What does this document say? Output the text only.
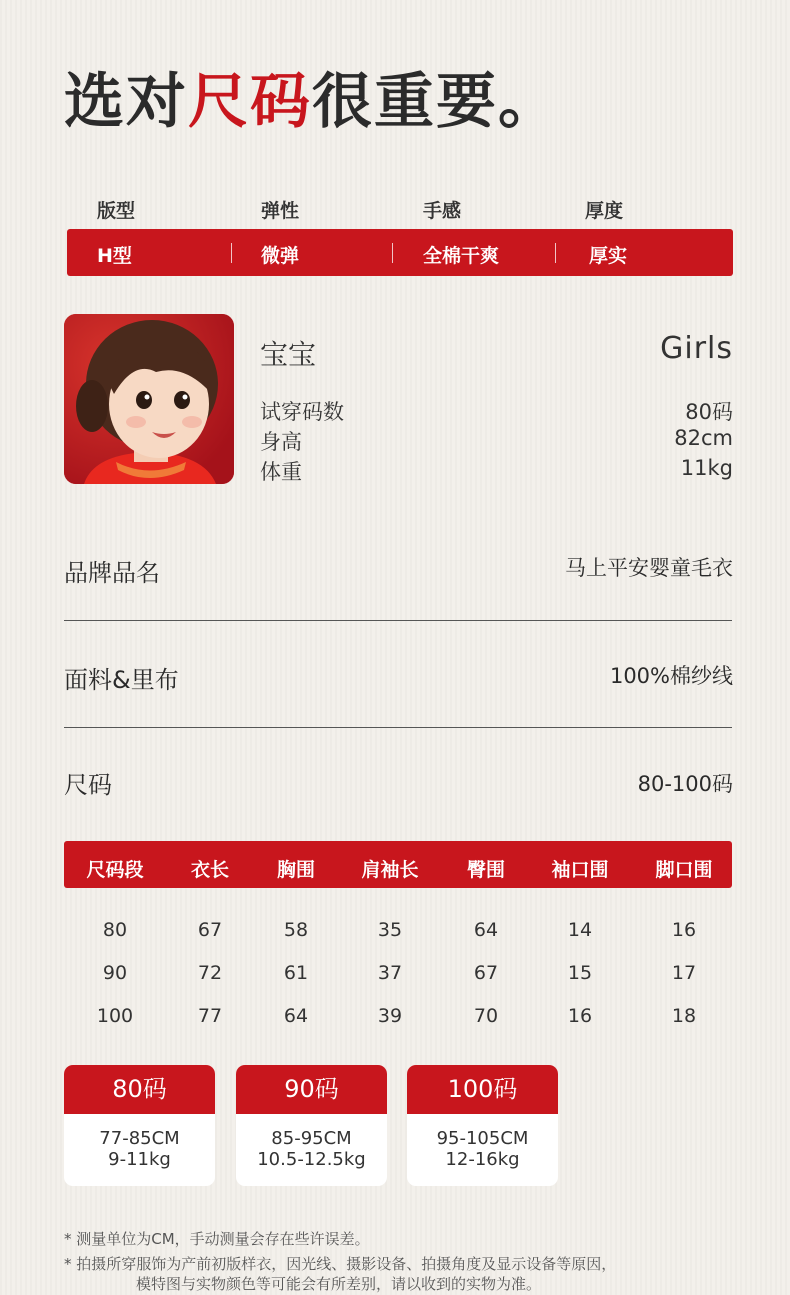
选对尺码很重要。
版型	弹性	手感	厚度
H型	微弹	全棉干爽	厚实
宝宝	Girls
试穿码数	80码
身高	82cm
体重	11kg
品牌品名	马上平安婴童毛衣
面料&里布	100%棉纱线
尺码	80-100码
尺码段	衣长	胸围	肩袖长	臀围	袖口围	脚口围
80	67	58	35	64	14	16
90	72	61	37	67	15	17
100	77	64	39	70	16	18
80码
77-85CM
9-11kg
90码
85-95CM
10.5-12.5kg
100码
95-105CM
12-16kg
* 测量单位为CM，手动测量会存在些许误差。
* 拍摄所穿服饰为产前初版样衣，因光线、摄影设备、拍摄角度及显示设备等原因，
模特图与实物颜色等可能会有所差别，请以收到的实物为准。
